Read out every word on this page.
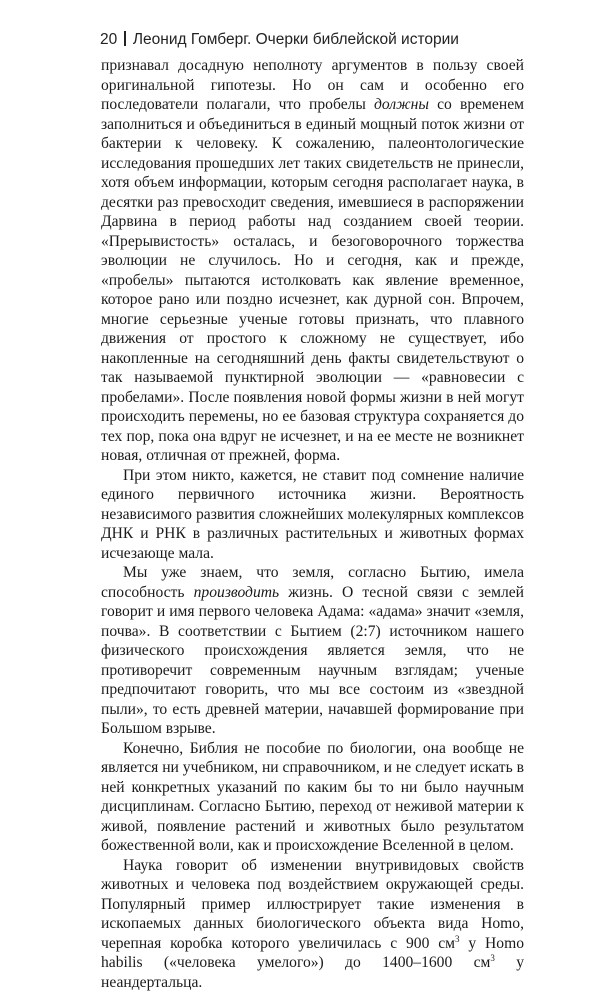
20 Леонид Гомберг. Очерки библейской истории

признавал досадную неполноту аргументов в пользу своей оригинальной гипотезы. Но он сам и особенно его последователи полагали, что пробелы должны со временем заполниться и объединиться в единый мощный поток жизни от бактерии к человеку. К сожалению, палеонтологические исследования прошедших лет таких свидетельств не принесли, хотя объем информации, которым сегодня располагает наука, в десятки раз превосходит сведения, имевшиеся в распоряжении Дарвина в период работы над созданием своей теории. «Прерывистость» осталась, и безоговорочного торжества эволюции не случилось. Но и сегодня, как и прежде, «пробелы» пытаются истолковать как явление временное, которое рано или поздно исчезнет, как дурной сон. Впрочем, многие серьезные ученые готовы признать, что плавного движения от простого к сложному не существует, ибо накопленные на сегодняшний день факты свидетельствуют о так называемой пунктирной эволюции — «равновесии с пробелами». После появления новой формы жизни в ней могут происходить перемены, но ее базовая структура сохраняется до тех пор, пока она вдруг не исчезнет, и на ее месте не возникнет новая, отличная от прежней, форма.

При этом никто, кажется, не ставит под сомнение наличие единого первичного источника жизни. Вероятность независимого развития сложнейших молекулярных комплексов ДНК и РНК в различных растительных и животных формах исчезающе мала.

Мы уже знаем, что земля, согласно Бытию, имела способность производить жизнь. О тесной связи с землей говорит и имя первого человека Адама: «адама» значит «земля, почва». В соответствии с Бытием (2:7) источником нашего физического происхождения является земля, что не противоречит современным научным взглядам; ученые предпочитают говорить, что мы все состоим из «звездной пыли», то есть древней материи, начавшей формирование при Большом взрыве.

Конечно, Библия не пособие по биологии, она вообще не является ни учебником, ни справочником, и не следует искать в ней конкретных указаний по каким бы то ни было научным дисциплинам. Согласно Бытию, переход от неживой материи к живой, появление растений и животных было результатом божественной воли, как и происхождение Вселенной в целом.

Наука говорит об изменении внутривидовых свойств животных и человека под воздействием окружающей среды. Популярный пример иллюстрирует такие изменения в ископаемых данных биологического объекта вида Homo, черепная коробка которого увеличилась с 900 $см^3$ у Homo habilis («человека умелого») до 1400–1600 $см^3$ у неандертальца.
